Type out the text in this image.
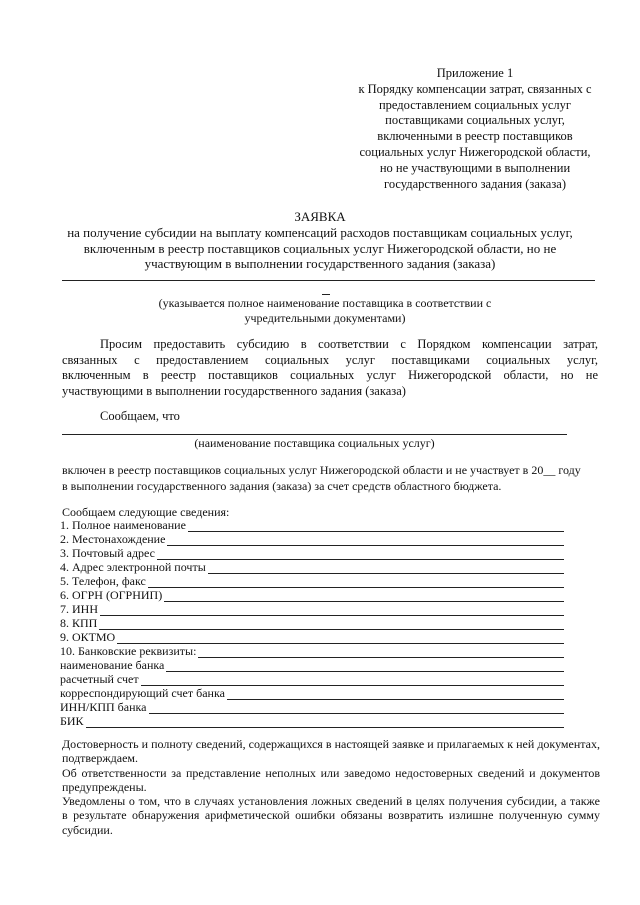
Приложение 1
к Порядку компенсации затрат, связанных с
предоставлением социальных услуг
поставщиками социальных услуг,
включенными в реестр поставщиков
социальных услуг Нижегородской области,
но не участвующими в выполнении
государственного задания (заказа)
ЗАЯВКА
на получение субсидии на выплату компенсаций расходов поставщикам социальных услуг,
включенным в реестр поставщиков социальных услуг Нижегородской области, но не
участвующим в выполнении государственного задания (заказа)
(указывается полное наименование поставщика в соответствии с
учредительными документами)
Просим предоставить субсидию в соответствии с Порядком компенсации затрат,
связанных с предоставлением социальных услуг поставщиками социальных услуг,
включенным в реестр поставщиков социальных услуг Нижегородской области, но не
участвующими в выполнении государственного задания (заказа)
Сообщаем, что
(наименование поставщика социальных услуг)
включен в реестр поставщиков социальных услуг Нижегородской области и не участвует в 20__ году
в выполнении государственного задания (заказа) за счет средств областного бюджета.
Сообщаем следующие сведения:
1. Полное наименование
2. Местонахождение
3. Почтовый адрес
4. Адрес электронной почты
5. Телефон, факс
6. ОГРН (ОГРНИП)
7. ИНН
8. КПП
9. ОКТМО
10. Банковские реквизиты:
наименование банка
расчетный счет
корреспондирующий счет банка
ИНН/КПП банка
БИК
Достоверность и полноту сведений, содержащихся в настоящей заявке и прилагаемых к ней документах,
подтверждаем.
Об ответственности за представление неполных или заведомо недостоверных сведений и документов
предупреждены.
Уведомлены о том, что в случаях установления ложных сведений в целях получения субсидии, а также
в результате обнаружения арифметической ошибки обязаны возвратить излишне полученную сумму
субсидии.
